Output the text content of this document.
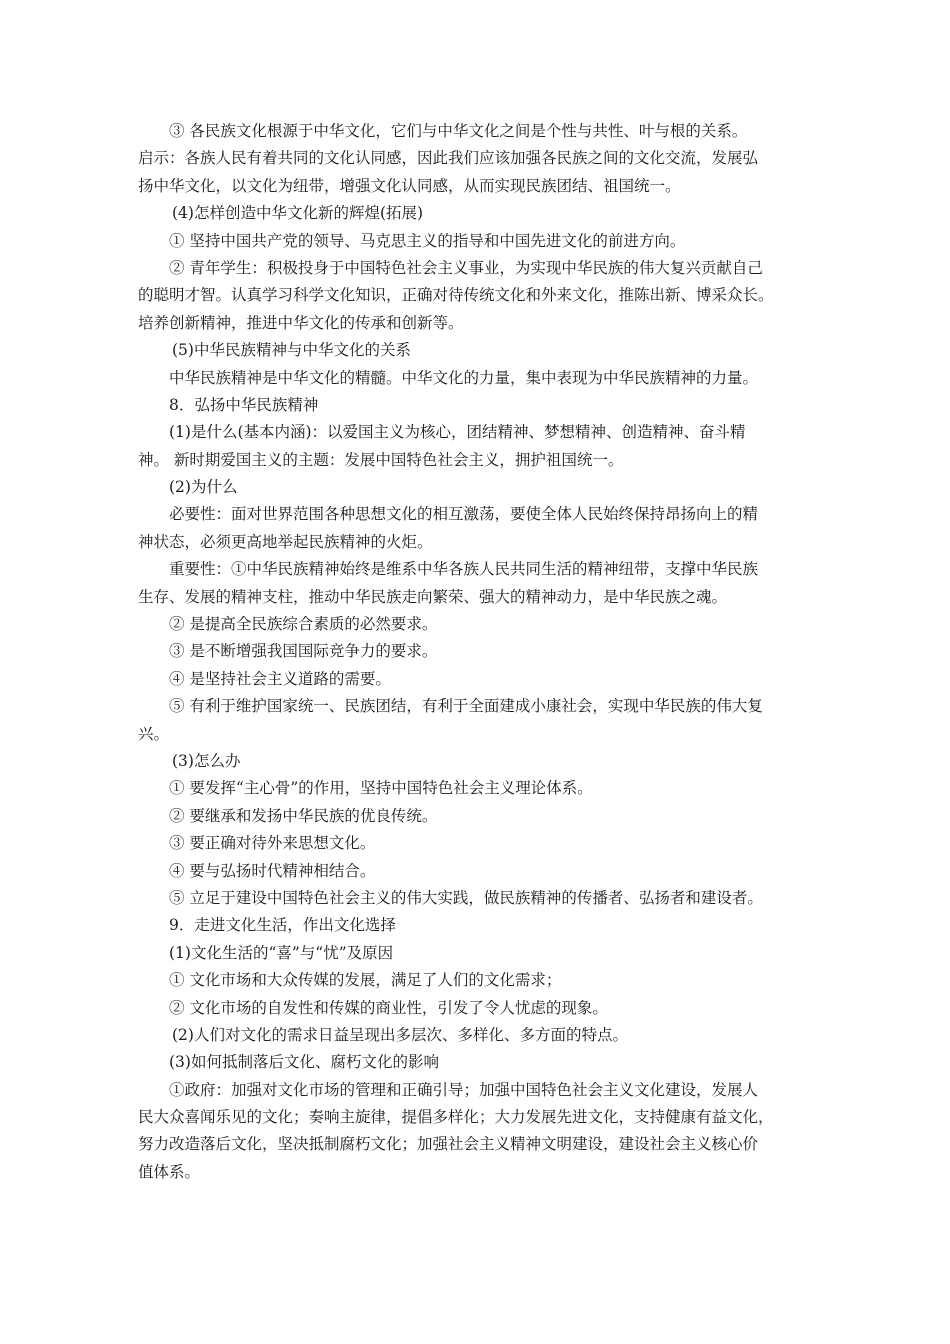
③ 各民族文化根源于中华文化，它们与中华文化之间是个性与共性、叶与根的关系。
启示：各族人民有着共同的文化认同感，因此我们应该加强各民族之间的文化交流，发展弘
扬中华文化，以文化为纽带，增强文化认同感，从而实现民族团结、祖国统一。
(4)怎样创造中华文化新的辉煌(拓展)
① 坚持中国共产党的领导、马克思主义的指导和中国先进文化的前进方向。
② 青年学生：积极投身于中国特色社会主义事业，为实现中华民族的伟大复兴贡献自己
的聪明才智。认真学习科学文化知识，正确对待传统文化和外来文化，推陈出新、博采众长。
培养创新精神，推进中华文化的传承和创新等。
(5)中华民族精神与中华文化的关系
中华民族精神是中华文化的精髓。中华文化的力量，集中表现为中华民族精神的力量。
8．弘扬中华民族精神
(1)是什么(基本内涵)：以爱国主义为核心，团结精神、梦想精神、创造精神、奋斗精
神。 新时期爱国主义的主题：发展中国特色社会主义，拥护祖国统一。
(2)为什么
必要性：面对世界范围各种思想文化的相互激荡，要使全体人民始终保持昂扬向上的精
神状态，必须更高地举起民族精神的火炬。
重要性：①中华民族精神始终是维系中华各族人民共同生活的精神纽带，支撑中华民族
生存、发展的精神支柱，推动中华民族走向繁荣、强大的精神动力，是中华民族之魂。
② 是提高全民族综合素质的必然要求。
③ 是不断增强我国国际竞争力的要求。
④ 是坚持社会主义道路的需要。
⑤ 有利于维护国家统一、民族团结，有利于全面建成小康社会，实现中华民族的伟大复
兴。
(3)怎么办
① 要发挥“主心骨”的作用，坚持中国特色社会主义理论体系。
② 要继承和发扬中华民族的优良传统。
③ 要正确对待外来思想文化。
④ 要与弘扬时代精神相结合。
⑤ 立足于建设中国特色社会主义的伟大实践，做民族精神的传播者、弘扬者和建设者。
9．走进文化生活，作出文化选择
(1)文化生活的“喜”与“忧”及原因
① 文化市场和大众传媒的发展，满足了人们的文化需求；
② 文化市场的自发性和传媒的商业性，引发了令人忧虑的现象。
(2)人们对文化的需求日益呈现出多层次、多样化、多方面的特点。
(3)如何抵制落后文化、腐朽文化的影响
①政府：加强对文化市场的管理和正确引导；加强中国特色社会主义文化建设，发展人
民大众喜闻乐见的文化；奏响主旋律，提倡多样化；大力发展先进文化，支持健康有益文化，
努力改造落后文化，坚决抵制腐朽文化；加强社会主义精神文明建设，建设社会主义核心价
值体系。
